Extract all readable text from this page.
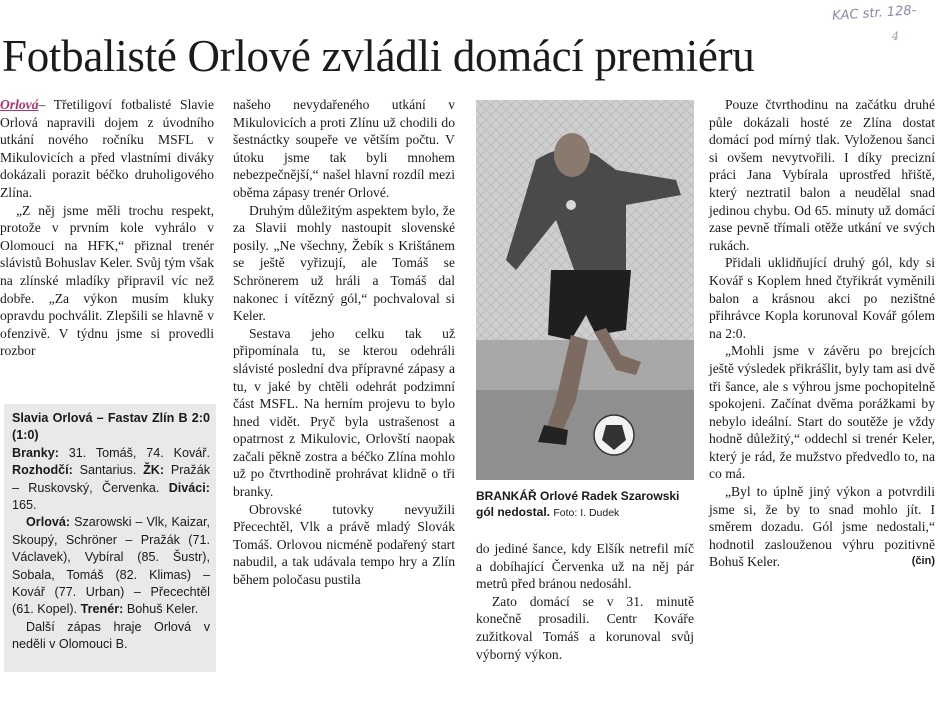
KAC str. 128-
4
Fotbalisté Orlové zvládli domácí premiéru

Orlová– Třetiligoví fotbalisté Slavie Orlová napravili dojem z úvodního utkání nového ročníku MSFL v Mikulovicích a před vlastními diváky dokázali porazit béčko druholigového Zlína.

„Z něj jsme měli trochu respekt, protože v prvním kole vyhrálo v Olomouci na HFK,“ přiznal trenér slávistů Bohuslav Keler. Svůj tým však na zlínské mladíky připravil víc než dobře. „Za výkon musím kluky opravdu pochválit. Zlepšili se hlavně v ofenzivě. V týdnu jsme si provedli rozbor

Slavia Orlová – Fastav Zlín B 2:0 (1:0)

Branky: 31. Tomáš, 74. Kovář. Rozhodčí: Santarius. ŽK: Pražák – Ruskovský, Červenka. Diváci: 165.

Orlová: Szarowski – Vlk, Kaizar, Skoupý, Schröner – Pražák (71. Václavek), Vybíral (85. Šustr), Sobala, Tomáš (82. Klimas) – Kovář (77. Urban) – Přecechtěl (61. Kopel). Trenér: Bohuš Keler.

Další zápas hraje Orlová v neděli v Olomouci B.

našeho nevydařeného utkání v Mikulovicích a proti Zlínu už chodili do šestnáctky soupeře ve větším počtu. V útoku jsme tak byli mnohem nebezpečnější,“ našel hlavní rozdíl mezi oběma zápasy trenér Orlové.

Druhým důležitým aspektem bylo, že za Slavii mohly nastoupit slovenské posily. „Ne všechny, Žebík s Krištánem se ještě vyřizují, ale Tomáš se Schrönerem už hráli a Tomáš dal nakonec i vítězný gól,“ pochvaloval si Keler.

Sestava jeho celku tak už připomínala tu, se kterou odehráli slávisté poslední dva přípravné zápasy a tu, v jaké by chtěli odehrát podzimní část MSFL. Na herním projevu to bylo hned vidět. Pryč byla ustrašenost a opatrnost z Mikulovic, Orlovští naopak začali pěkně zostra a béčko Zlína mohlo už po čtvrthodině prohrávat klidně o tři branky.

Obrovské tutovky nevyužili Přecechtěl, Vlk a právě mladý Slovák Tomáš. Orlovou nicméně podařený start nabudil, a tak udávala tempo hry a Zlín během poločasu pustila

BRANKÁŘ Orlové Radek Szarowski gól nedostal. Foto: I. Dudek

do jediné šance, kdy Elšík netrefil míč a dobíhající Červenka už na něj pár metrů před bránou nedosáhl.

Zato domácí se v 31. minutě konečně prosadili. Centr Kováře zužitkoval Tomáš a korunoval svůj výborný výkon.

Pouze čtvrthodinu na začátku druhé půle dokázali hosté ze Zlína dostat domácí pod mírný tlak. Vyloženou šanci si ovšem nevytvořili. I díky precizní práci Jana Vybírala uprostřed hřiště, který neztratil balon a neudělal snad jedinou chybu. Od 65. minuty už domácí zase pevně třímali otěže utkání ve svých rukách.

Přidali uklidňující druhý gól, kdy si Kovář s Koplem hned čtyřikrát vyměnili balon a krásnou akci po nezištné přihrávce Kopla korunoval Kovář gólem na 2:0.

„Mohli jsme v závěru po brejcích ještě výsledek přikrášlit, byly tam asi dvě tři šance, ale s výhrou jsme pochopitelně spokojeni. Začínat dvěma porážkami by nebylo ideální. Start do soutěže je vždy hodně důležitý,“ oddechl si trenér Keler, který je rád, že mužstvo předvedlo to, na co má.

„Byl to úplně jiný výkon a potvrdili jsme si, že by to snad mohlo jít. I směrem dozadu. Gól jsme nedostali,“ hodnotil zaslouženou výhru pozitivně Bohuš Keler.	(čin)
